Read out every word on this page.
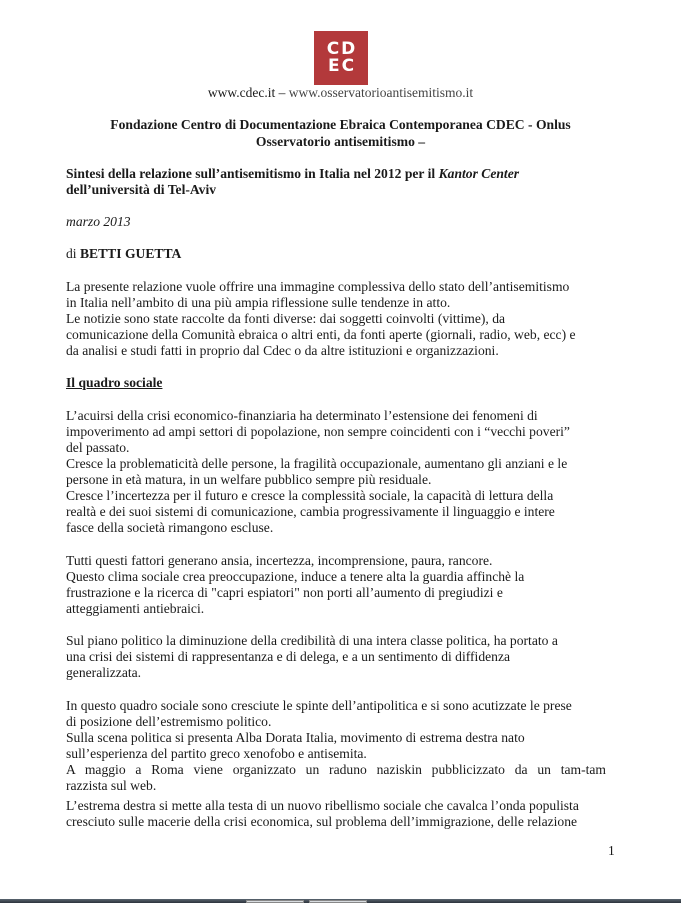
CD
EC
www.cdec.it – www.osservatorioantisemitismo.it
Fondazione Centro di Documentazione Ebraica Contemporanea CDEC - Onlus
Osservatorio antisemitismo –
Sintesi della relazione sull’antisemitismo in Italia nel 2012 per il Kantor Center
dell’università di Tel-Aviv
marzo 2013
di BETTI GUETTA
La presente relazione vuole offrire una immagine complessiva dello stato dell’antisemitismo
in Italia nell’ambito di una più ampia riflessione sulle tendenze in atto.
Le notizie sono state raccolte da fonti diverse: dai soggetti coinvolti (vittime), da
comunicazione della Comunità ebraica o altri enti, da fonti aperte (giornali, radio, web, ecc) e
da analisi e studi fatti in proprio dal Cdec o da altre istituzioni e organizzazioni.
Il quadro sociale
L’acuirsi della crisi economico-finanziaria ha determinato l’estensione dei fenomeni di
impoverimento ad ampi settori di popolazione, non sempre coincidenti con i “vecchi poveri”
del passato.
Cresce la problematicità delle persone, la fragilità occupazionale, aumentano gli anziani e le
persone in età matura, in un welfare pubblico sempre più residuale.
Cresce l’incertezza per il futuro e cresce la complessità sociale, la capacità di lettura della
realtà e dei suoi sistemi di comunicazione, cambia progressivamente il linguaggio e intere
fasce della società rimangono escluse.
Tutti questi fattori generano ansia, incertezza, incomprensione, paura, rancore.
Questo clima sociale crea preoccupazione, induce a tenere alta la guardia affinchè la
frustrazione e la ricerca di "capri espiatori" non porti all’aumento di pregiudizi e
atteggiamenti antiebraici.
Sul piano politico la diminuzione della credibilità di una intera classe politica, ha portato a
una crisi dei sistemi di rappresentanza e di delega, e a un sentimento di diffidenza
generalizzata.
In questo quadro sociale sono cresciute le spinte dell’antipolitica e si sono acutizzate le prese
di posizione dell’estremismo politico.
Sulla scena politica si presenta Alba Dorata Italia, movimento di estrema destra nato
sull’esperienza del partito greco xenofobo e antisemita.
A maggio a Roma viene organizzato un raduno naziskin pubblicizzato da un tam-tam
razzista sul web.
L’estrema destra si mette alla testa di un nuovo ribellismo sociale che cavalca l’onda populista
cresciuto sulle macerie della crisi economica, sul problema dell’immigrazione, delle relazione
1
